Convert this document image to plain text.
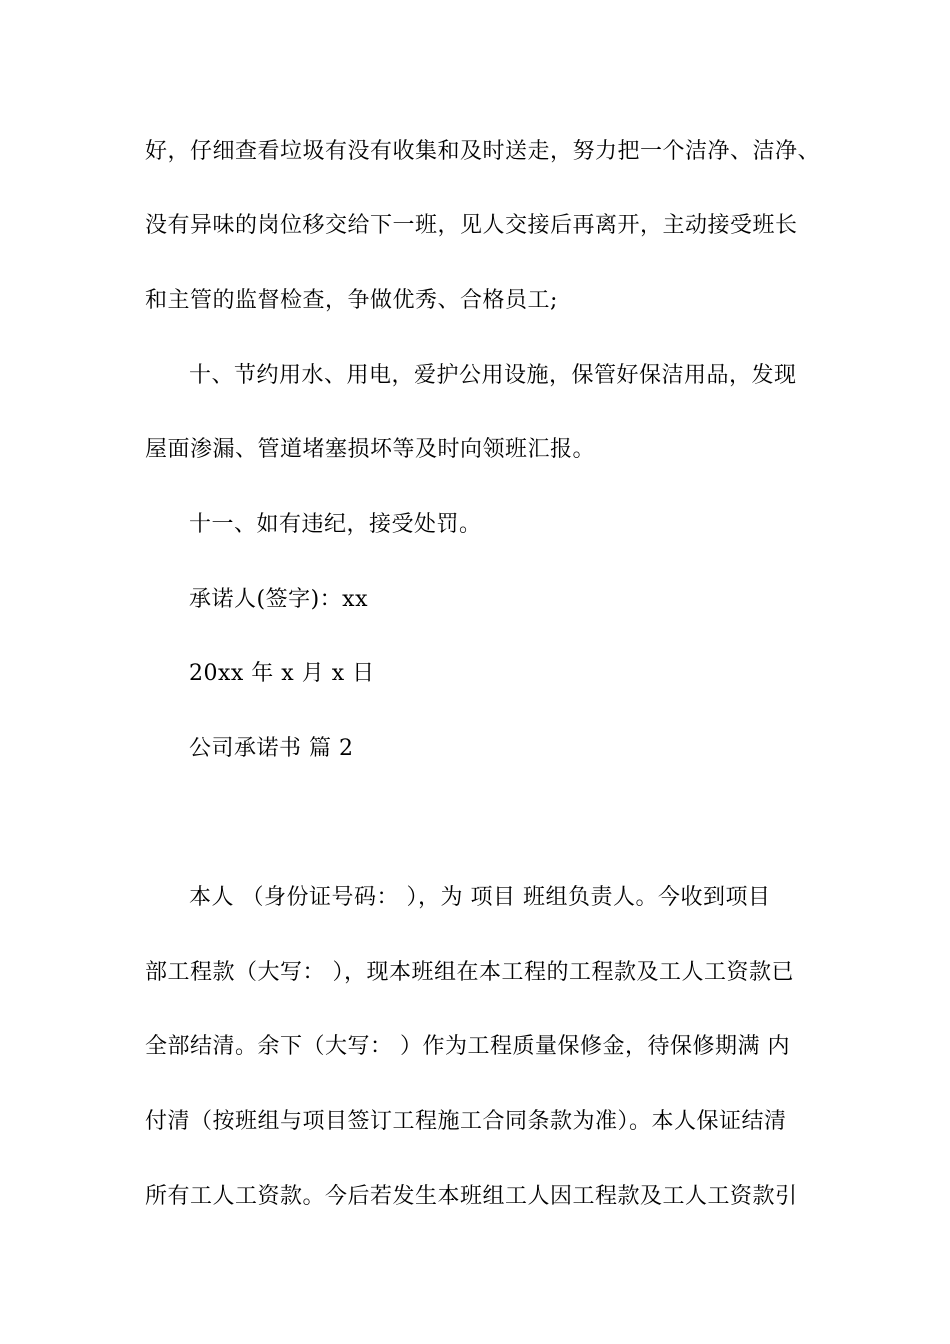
好，仔细查看垃圾有没有收集和及时送走，努力把一个洁净、洁净、
没有异味的岗位移交给下一班，见人交接后再离开，主动接受班长
和主管的监督检查，争做优秀、合格员工;
十、节约用水、用电，爱护公用设施，保管好保洁用品，发现
屋面渗漏、管道堵塞损坏等及时向领班汇报。
十一、如有违纪，接受处罚。
承诺人(签字)：xx
20xx 年 x 月 x 日
公司承诺书 篇 2
本人 （身份证号码： ），为 项目 班组负责人。今收到项目
部工程款（大写： ），现本班组在本工程的工程款及工人工资款已
全部结清。余下（大写： ）作为工程质量保修金，待保修期满 内
付清（按班组与项目签订工程施工合同条款为准）。本人保证结清
所有工人工资款。今后若发生本班组工人因工程款及工人工资款引
